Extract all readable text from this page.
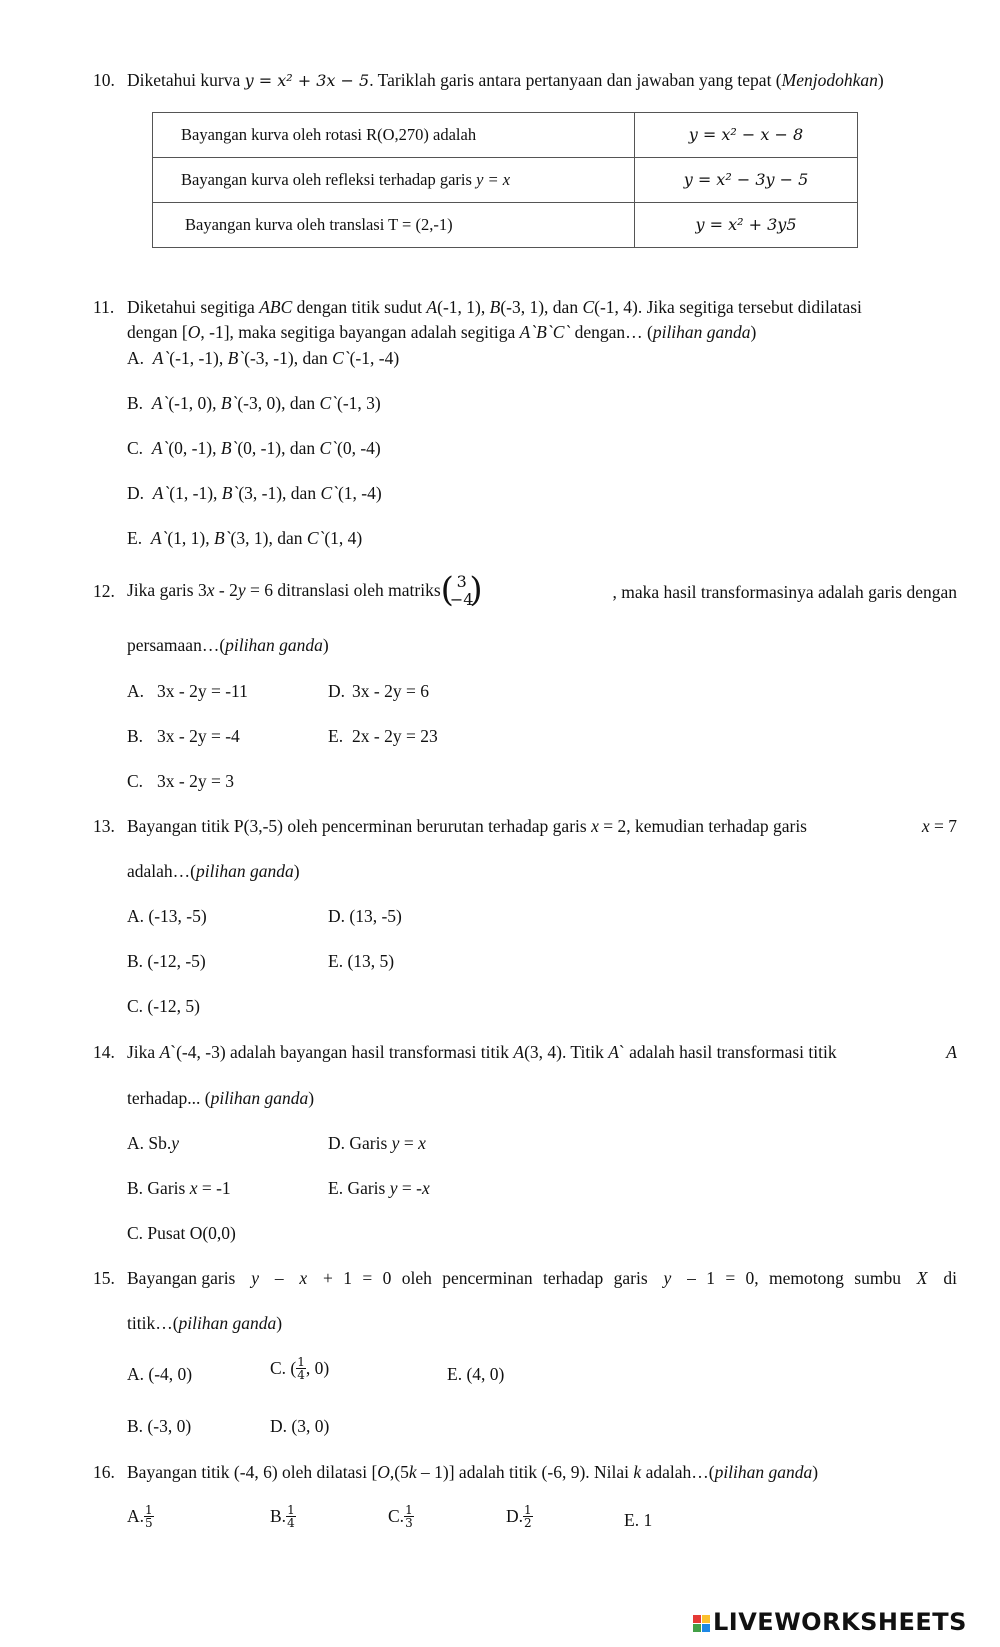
10. Diketahui kurva y = x² + 3x − 5. Tariklah garis antara pertanyaan dan jawaban yang tepat (Menjodohkan)
Bayangan kurva oleh rotasi R(O,270) adalah	y = x² − x − 8
Bayangan kurva oleh refleksi terhadap garis y = x	y = x² − 3y − 5
Bayangan kurva oleh translasi T = (2,-1)	y = x² + 3y5
11. Diketahui segitiga ABC dengan titik sudut A(-1, 1), B(-3, 1), dan C(-1, 4). Jika segitiga tersebut didilatasi
dengan [O, -1], maka segitiga bayangan adalah segitiga A`B`C` dengan… (pilihan ganda)
A. A`(-1, -1), B`(-3, -1), dan C`(-1, -4)
B. A`(-1, 0), B`(-3, 0), dan C`(-1, 3)
C. A`(0, -1), B`(0, -1), dan C`(0, -4)
D. A`(1, -1), B`(3, -1), dan C`(1, -4)
E. A`(1, 1), B`(3, 1), dan C`(1, 4)
12. Jika garis 3x - 2y = 6 ditranslasi oleh matriks ( 3
−4
)	, maka hasil transformasinya adalah garis dengan
persamaan…(pilihan ganda)
A. 3x - 2y = -11
B. 3x - 2y = -4
C. 3x - 2y = 3
D. 3x - 2y = 6
E. 2x - 2y = 23
13. Bayangan titik P(3,-5) oleh pencerminan berurutan terhadap garis x = 2, kemudian terhadap garis	x = 7
adalah…(pilihan ganda)
A. (-13, -5)
B. (-12, -5)
C. (-12, 5)
D. (13, -5)
E. (13, 5)
14. Jika A`(-4, -3) adalah bayangan hasil transformasi titik A(3, 4). Titik A` adalah hasil transformasi titik	A
terhadap... (pilihan ganda)
A. Sb.y
B. Garis x = -1
C. Pusat O(0,0)
D. Garis y = x
E. Garis y = -x
15. Bayangan garis y – x + 1 = 0 oleh pencerminan terhadap garis y – 1 = 0, memotong sumbu X di
titik…(pilihan ganda)
A. (-4, 0)
B. (-3, 0)
C. ( $\frac{1}{4}$ , 0)
D. (3, 0)
E. (4, 0)
16. Bayangan titik (-4, 6) oleh dilatasi [O,(5k – 1)] adalah titik (-6, 9). Nilai k adalah…(pilihan ganda)
A. $\frac{1}{5}$	B. $\frac{1}{4}$	C. $\frac{1}{3}$	D. $\frac{1}{2}$	E. 1
LIVEWORKSHEETS
